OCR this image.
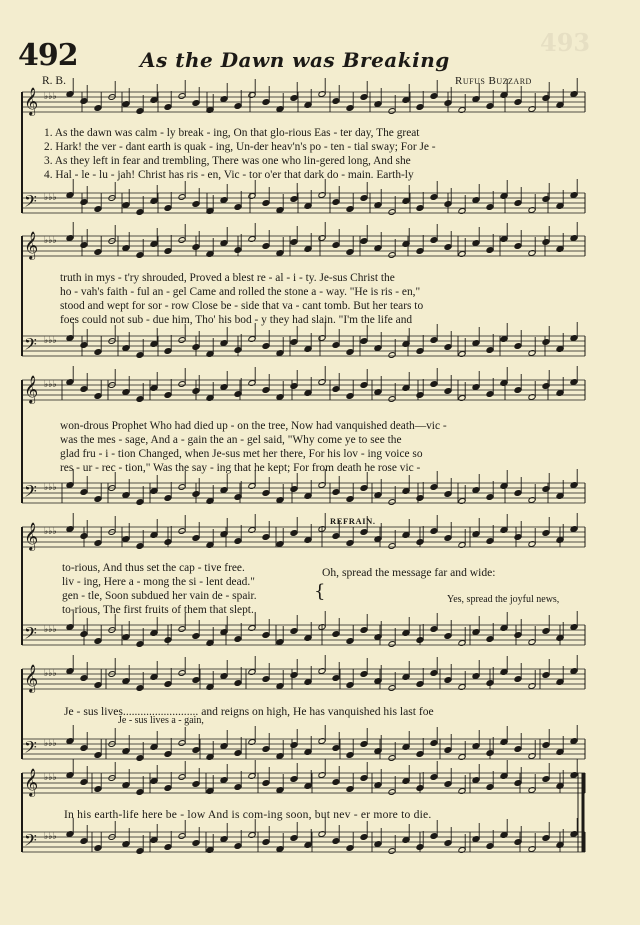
493
492	As the Dawn was Breaking
R. B.	Rufus Buzzard
𝄞 ♭♭♭
𝄢 ♭♭♭
𝄞 ♭♭♭
𝄢 ♭♭♭
𝄞 ♭♭♭
𝄢 ♭♭♭
𝄞 ♭♭♭
𝄢 ♭♭♭
𝄞 ♭♭♭
𝄢 ♭♭♭
𝄞 ♭♭♭
𝄢 ♭♭♭
1. As the dawn was calm - ly break - ing, On that glo-rious Eas - ter day, The great
2. Hark! the ver - dant earth is quak - ing, Un-der heav'n's po - ten - tial sway; For Je -
3. As they left in fear and trembling, There was one who lin-gered long, And she
4. Hal - le - lu - jah! Christ has ris - en, Vic - tor o'er that dark do - main. Earth-ly
truth in mys - t'ry shrouded, Proved a blest re - al - i - ty. Je-sus Christ the
ho - vah's faith - ful an - gel Came and rolled the stone a - way. "He is ris - en,"
stood and wept for sor - row Close be - side that va - cant tomb. But her tears to
foes could not sub - due him, Tho' his bod - y they had slain. "I'm the life and
won-drous Prophet Who had died up - on the tree, Now had vanquished death—vic -
was the mes - sage, And a - gain the an - gel said, "Why come ye to see the
glad fru - i - tion Changed, when Je-sus met her there, For his lov - ing voice so
res - ur - rec - tion," Was the say - ing that he kept; For from death he rose vic -
to-rious, And thus set the cap - tive free.
liv - ing, Here a - mong the si - lent dead."
gen - tle, Soon subdued her vain de - spair.
to-rious, The first fruits of them that slept.
{
REFRAIN.
Oh, spread the message far and wide:
Yes, spread the joyful news,
Je - sus lives.......................... and reigns on high, He has vanquished his last foe
Je - sus lives a - gain,
In his earth-life here be - low And is com-ing soon, but nev - er more to die.
